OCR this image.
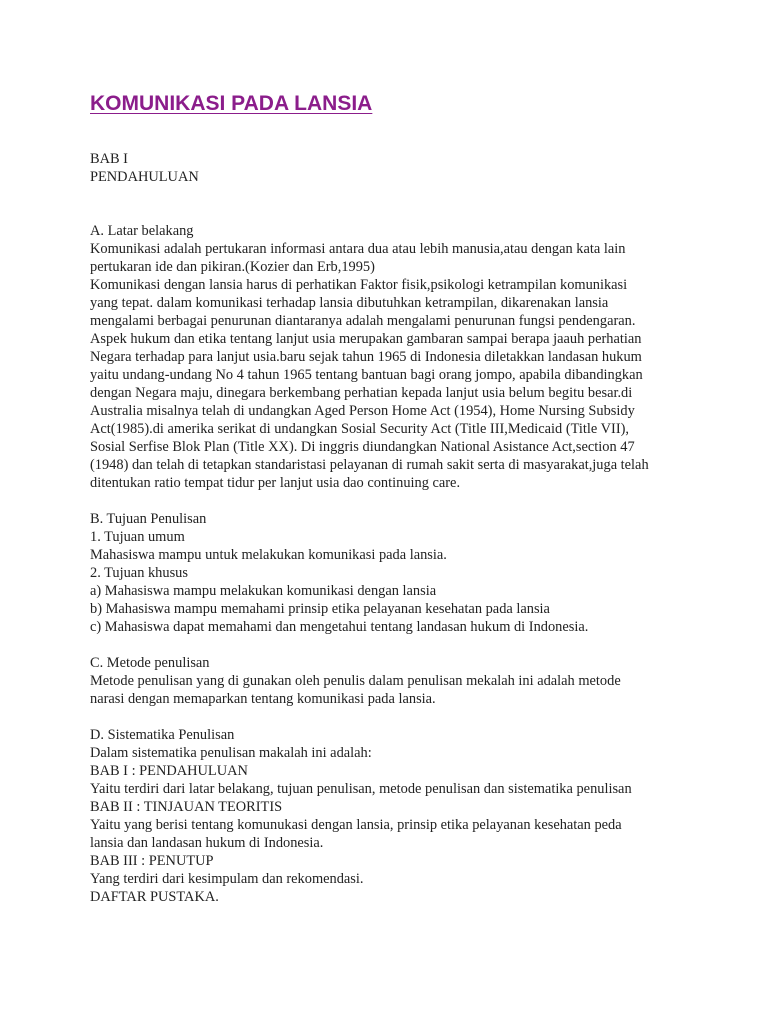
KOMUNIKASI PADA LANSIA
BAB I
PENDAHULUAN
A. Latar belakang
Komunikasi adalah pertukaran informasi antara dua atau lebih manusia,atau dengan kata lain
pertukaran ide dan pikiran.(Kozier dan Erb,1995)
Komunikasi dengan lansia harus di perhatikan Faktor fisik,psikologi ketrampilan komunikasi
yang tepat. dalam komunikasi terhadap lansia dibutuhkan ketrampilan, dikarenakan lansia
mengalami berbagai penurunan diantaranya adalah mengalami penurunan fungsi pendengaran.
Aspek hukum dan etika tentang lanjut usia merupakan gambaran sampai berapa jaauh perhatian
Negara terhadap para lanjut usia.baru sejak tahun 1965 di Indonesia diletakkan landasan hukum
yaitu undang-undang No 4 tahun 1965 tentang bantuan bagi orang jompo, apabila dibandingkan
dengan Negara maju, dinegara berkembang perhatian kepada lanjut usia belum begitu besar.di
Australia misalnya telah di undangkan Aged Person Home Act (1954), Home Nursing Subsidy
Act(1985).di amerika serikat di undangkan Sosial Security Act (Title III,Medicaid (Title VII),
Sosial Serfise Blok Plan (Title XX). Di inggris diundangkan National Asistance Act,section 47
(1948) dan telah di tetapkan standaristasi pelayanan di rumah sakit serta di masyarakat,juga telah
ditentukan ratio tempat tidur per lanjut usia dao continuing care.
B. Tujuan Penulisan
1. Tujuan umum
Mahasiswa mampu untuk melakukan komunikasi pada lansia.
2. Tujuan khusus
a) Mahasiswa mampu melakukan komunikasi dengan lansia
b) Mahasiswa mampu memahami prinsip etika pelayanan kesehatan pada lansia
c) Mahasiswa dapat memahami dan mengetahui tentang landasan hukum di Indonesia.
C. Metode penulisan
Metode penulisan yang di gunakan oleh penulis dalam penulisan mekalah ini adalah metode
narasi dengan memaparkan tentang komunikasi pada lansia.
D. Sistematika Penulisan
Dalam sistematika penulisan makalah ini adalah:
BAB I : PENDAHULUAN
Yaitu terdiri dari latar belakang, tujuan penulisan, metode penulisan dan sistematika penulisan
BAB II : TINJAUAN TEORITIS
Yaitu yang berisi tentang komunukasi dengan lansia, prinsip etika pelayanan kesehatan peda
lansia dan landasan hukum di Indonesia.
BAB III : PENUTUP
Yang terdiri dari kesimpulam dan rekomendasi.
DAFTAR PUSTAKA.
